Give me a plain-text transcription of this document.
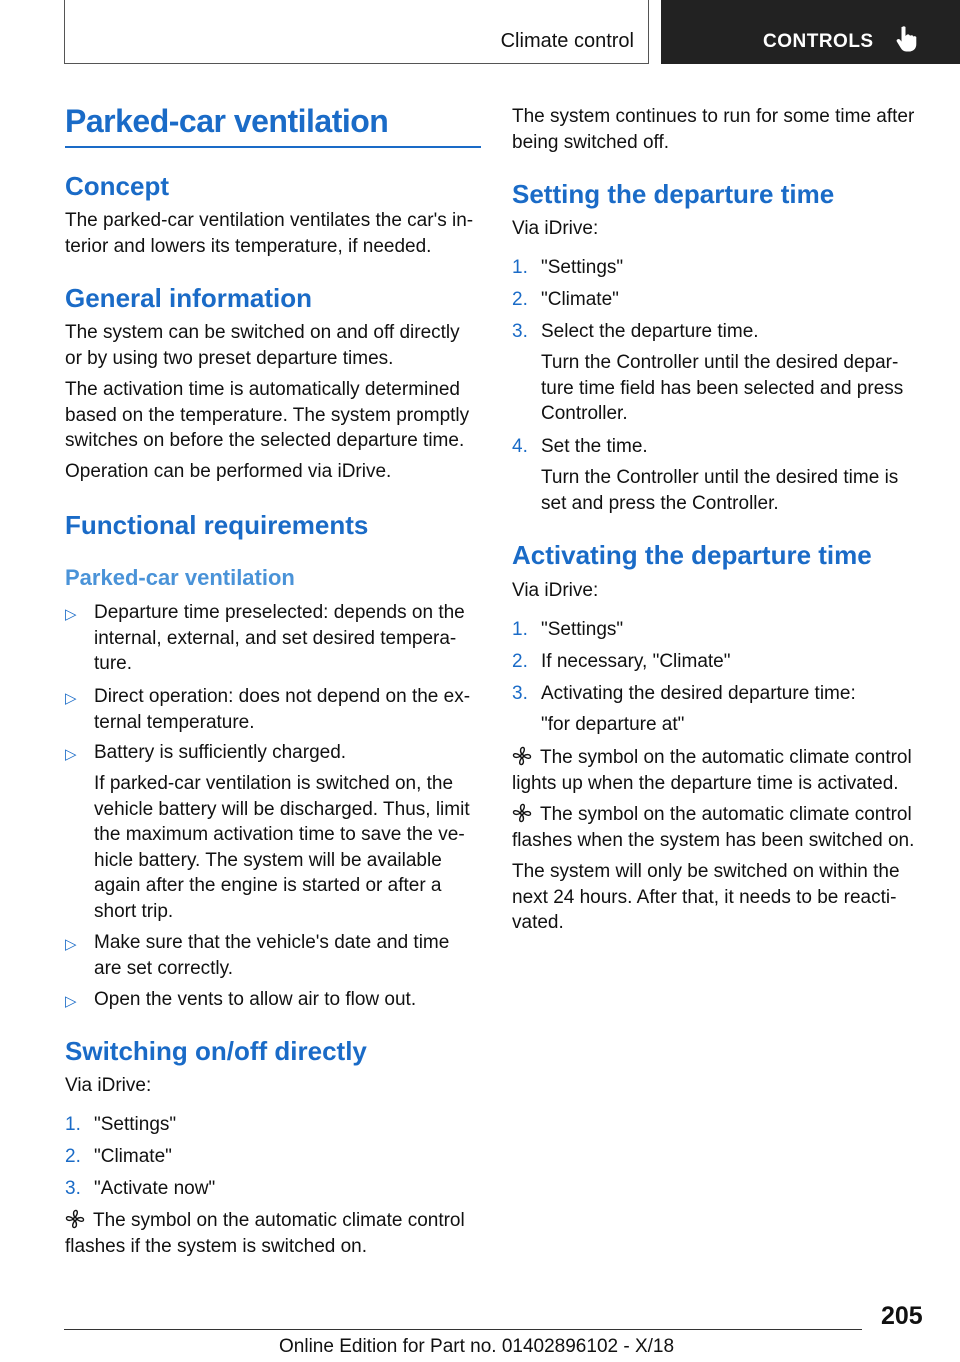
Climate control	CONTROLS
Parked-car ventilation
Concept
The parked-car ventilation ventilates the car's in-
terior and lowers its temperature, if needed.
General information
The system can be switched on and off directly
or by using two preset departure times.
The activation time is automatically determined
based on the temperature. The system promptly
switches on before the selected departure time.
Operation can be performed via iDrive.
Functional requirements
Parked-car ventilation
▷ Departure time preselected: depends on the
internal, external, and set desired tempera-
ture.
▷ Direct operation: does not depend on the ex-
ternal temperature.
▷ Battery is sufficiently charged.
If parked-car ventilation is switched on, the
vehicle battery will be discharged. Thus, limit
the maximum activation time to save the ve-
hicle battery. The system will be available
again after the engine is started or after a
short trip.
▷ Make sure that the vehicle's date and time
are set correctly.
▷ Open the vents to allow air to flow out.
Switching on/off directly
Via iDrive:
1. "Settings"
2. "Climate"
3. "Activate now"
The symbol on the automatic climate control
flashes if the system is switched on.
The system continues to run for some time after
being switched off.
Setting the departure time
Via iDrive:
1. "Settings"
2. "Climate"
3. Select the departure time.
Turn the Controller until the desired depar-
ture time field has been selected and press
Controller.
4. Set the time.
Turn the Controller until the desired time is
set and press the Controller.
Activating the departure time
Via iDrive:
1. "Settings"
2. If necessary, "Climate"
3. Activating the desired departure time:
"for departure at"
The symbol on the automatic climate control
lights up when the departure time is activated.
The symbol on the automatic climate control
flashes when the system has been switched on.
The system will only be switched on within the
next 24 hours. After that, it needs to be reacti-
vated.
205
Online Edition for Part no. 01402896102 - X/18
